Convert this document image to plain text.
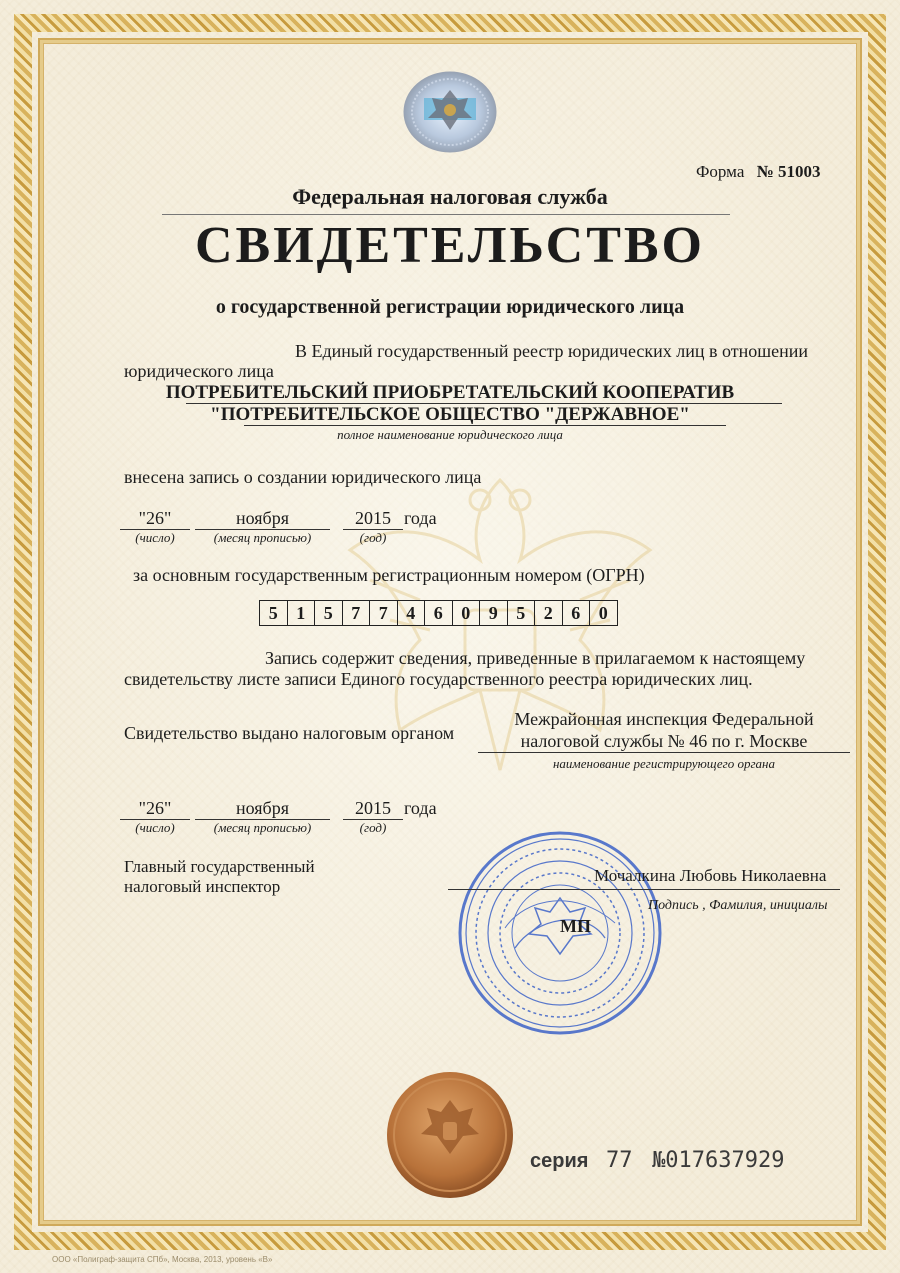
Форма № 51003
Федеральная налоговая служба
СВИДЕТЕЛЬСТВО
о государственной регистрации юридического лица
В Единый государственный реестр юридических лиц в отношении
юридического лица
ПОТРЕБИТЕЛЬСКИЙ ПРИОБРЕТАТЕЛЬСКИЙ КООПЕРАТИВ
"ПОТРЕБИТЕЛЬСКОЕ ОБЩЕСТВО "ДЕРЖАВНОЕ"
полное наименование юридического лица
внесена запись о создании юридического лица
"26"	ноября	2015 года
(число)	(месяц прописью)	(год)
за основным государственным регистрационным номером (ОГРН)
5	1	5	7	7	4	6	0	9	5	2	6	0
Запись содержит сведения, приведенные в прилагаемом к настоящему
свидетельству листе записи Единого государственного реестра юридических лиц.
Свидетельство выдано налоговым органом
Межрайонная инспекция Федеральной
налоговой службы № 46 по г. Москве
наименование регистрирующего органа
"26"	ноября	2015 года
(число)	(месяц прописью)	(год)
Главный государственный
налоговый инспектор
Мочалкина Любовь Николаевна
Подпись , Фамилия, инициалы
МП
серия 77 №017637929
ООО «Полиграф-защита СПб», Москва, 2013, уровень «В»
